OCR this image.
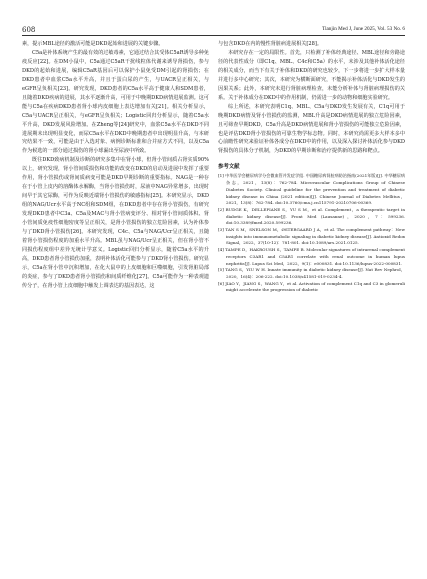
608	Tianjin Med J, June 2025, Vol. 53 No. 6

素，提示MBL途径的激活可能是DKD起始和进展的关键步骤。

C5a是补体系统产生的最有效的过敏毒素，它通过结合其受体C5aR诱导多种免疫反应[22]。在DM小鼠中，C5a通过C5aR干扰线粒体代谢来诱导肾损伤，参与DKD的起始和进展，编辑C5aR基因后可以保护小鼠免受DM引起的肾损伤；在DKD患者中血浆C5a水平升高，并且于蛋白尿的产生，与UACR呈正相关，与eGFR呈负相关[23]。研究发现，DKD患者的C5a水平高于健康人和SDM患者，且随着DKD疾病的进展，其水平逐渐升高，可用于中晚期DKD病情进展监测。这可能与C5a在疾病DKD患者肾小球内皮细胞上表达增加有关[21]。相关分析显示，C5a与UACR呈正相关，与eGFR呈负相关；Logistic回归分析显示，随着C5a水平升高，DKD发展风险增加。在Zheng等[24]研究中，血浆C5a水平在DKD不同进展期未出现明显变化，而尿C5a水平在DKD中晚期患者中出现明显升高，与本研究结果不一致，可能是由于入选对象、病例诊断标准和合并症方式不同，以及C5a作为候选的一部分通过损伤的肾小球漏出至尿液中所致。

既往DKD致病机制及诊断的研究多集中在肾小球，但肾小管间质占肾实质90%以上，研究发现，肾小管间质损伤和功能的改变在DKD的启动及进展中发挥了重要作用，肾小管损伤或肾间质病变可能是DKD早期诊断的重要指标。NAG是一种存在于小管上皮内的溶酶体水解酶，当肾小管损伤时，尿液中NAG异常增多，出现时间早于其它尿酶，可作为反映近端肾小管损伤的敏感指标[25]。本研究显示，DKD组的NAG/Ucr水平高于NC组和SDM组，在DKD患者中存在肾小管损伤，有研究发现DKD患者中C3a、C5a及MAC与肾小管病变评分、相对肾小管间质体积、肾小管间质免疫性细胞密度等呈正相关，是肾小管损伤的独立危险因素，认为补体参与了DKD肾小管损伤[26]。本研究发现，C4c、C5a与NAG/Ucr呈正相关，且随着肾小管损伤程度的加重水平升高。MBL虽与NAG/Ucr呈正相关，但在肾小管不同损伤程度组中差异无统计学意义。Logistic回归分析显示，随着C5a水平的升高，DKD患者肾小管损伤加重，表明补体活化可能参与了DKD肾小管损伤。研究显示，C5a在肾小管中沉积增加，在化大鼠中的上皮细胞和巨噬细胞，引发肾脏局部的炎症，参与了DKD患者肾小管损伤和间质纤维化[27]。C5a可能作为一种表观遗传分子，在肾小管上皮细胞中触发上调表达的基因表达，这

与包含DKD在内的慢性肾脏病进展相关[28]。

本研究存在一定的局限性。首先，只检测了补体经典途径、MBL途径和旁路途径的代表性成分（即C1q、MBL、C4c和C5a）的水平，未涉及其他补体活化途径的相关成分，而当下有关于补体和DKD的研究也较少，下一步将进一步扩大样本量并进行多中心研究；其次，本研究为横断面研究，不能揭示补体活化与DKD发生的因果关系；此外，本研究未进行肾脏病理检查，未能分析补体与肾脏病理损伤的关系。关于补体成分在DKD中的作用机制，仍需进一步的动物和细胞实验研究。

综上所述，本研究表明C1q、MBL、C5a与DKD发生发展有关，C1q可用于晚期DKD病情及肾小管损伤的监测，MBL升高是DKD病情进展的独立危险因素，且可筛查早期DKD，C5a升高是DKD病情进展和肾小管损伤的可能独立危险因素，也是评估DKD肾小管损伤的可靠生物学标志物。同时，本研究尚需更多大样本多中心前瞻性研究来验证补体各成分在DKD中的作用，以及深入探讨补体活化参与DKD肾损伤的具体分子机制，为DKD的早期诊断和治疗提供新的思路和靶点。

参考文献

[1] 中华医学会糖尿病学分会微血管并发症学组. 中国糖尿病肾脏病防治指南(2021年版)[J]. 中华糖尿病杂志，2021，13(8)：762-784. Microvascular Complications Group of Chinese Diabetes Society. Clinical guideline for the prevention and treatment of diabetic kidney disease in China (2021 edition)[J]. Chinese Journal of Diabetes Mellitus，2021，13(8)：762-784. doi:10.3760/cma.j.cn115791-20210706-00369.

[2] BUDGE K，DELLEPIANE S，YU S M，et al. Complement，a therapeutic target in diabetic kidney disease[J]. Front Med (Lausanne)，2020，7：599236. doi:10.3389/fmed.2020.599236.

[3] TAN S M，SNELSON M，ØSTERGAARD J A，et al. The complement pathway：New insights into immunometabolic signaling in diabetic kidney disease[J]. Antioxid Redox Signal，2022，37(10-12)：781-801. doi:10.1089/ars.2021.0125.

[4] TAMPE D，HAKROUSH S，TAMPE B. Molecular signatures of intrarenal complement receptors C3AR1 and C5AR1 correlate with renal outcome in human lupus nephritis[J]. Lupus Sci Med，2022，9(1)：e000831. doi:10.1136/lupus-2022-000831.

[5] TANG S，YIU W H. Innate immunity in diabetic kidney disease[J]. Nat Rev Nephrol，2020，16(4)：206-222. doi:10.1038/s41581-019-0234-4.

[6] JIAO Y，JIANG S，WANG Y，et al. Activation of complement C1q and C3 in glomeruli might accelerate the progression of diabetic
